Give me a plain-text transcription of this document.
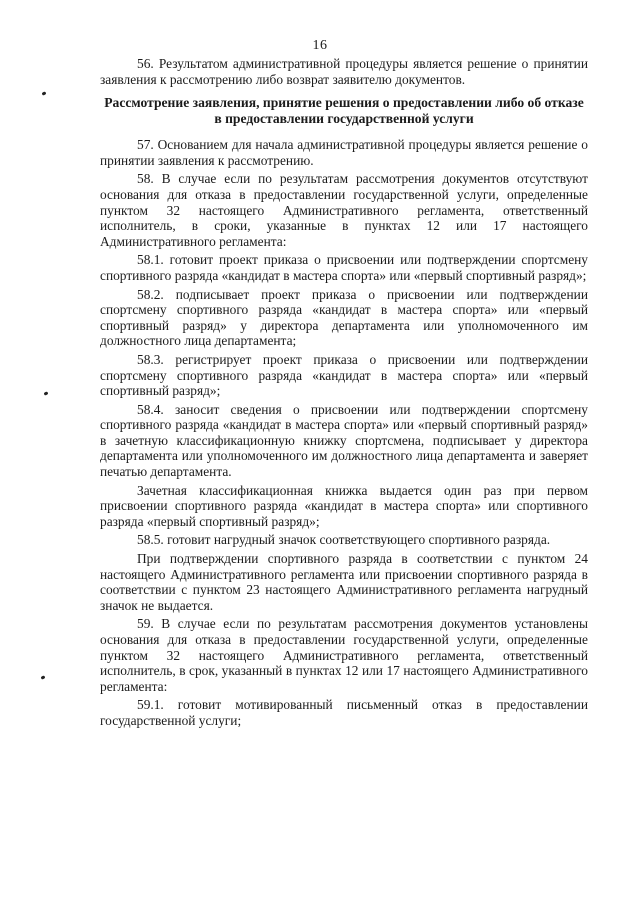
16

56. Результатом административной процедуры является решение о принятии заявления к рассмотрению либо возврат заявителю документов.

Рассмотрение заявления, принятие решения о предоставлении либо об отказе в предоставлении государственной услуги

57. Основанием для начала административной процедуры является решение о принятии заявления к рассмотрению.

58. В случае если по результатам рассмотрения документов отсутствуют основания для отказа в предоставлении государственной услуги, определенные пунктом 32 настоящего Административного регламента, ответственный исполнитель, в сроки, указанные в пунктах 12 или 17 настоящего Административного регламента:

58.1. готовит проект приказа о присвоении или подтверждении спортсмену спортивного разряда «кандидат в мастера спорта» или «первый спортивный разряд»;

58.2. подписывает проект приказа о присвоении или подтверждении спортсмену спортивного разряда «кандидат в мастера спорта» или «первый спортивный разряд» у директора департамента или уполномоченного им должностного лица департамента;

58.3. регистрирует проект приказа о присвоении или подтверждении спортсмену спортивного разряда «кандидат в мастера спорта» или «первый спортивный разряд»;

58.4. заносит сведения о присвоении или подтверждении спортсмену спортивного разряда «кандидат в мастера спорта» или «первый спортивный разряд» в зачетную классификационную книжку спортсмена, подписывает у директора департамента или уполномоченного им должностного лица департамента и заверяет печатью департамента.

Зачетная классификационная книжка выдается один раз при первом присвоении спортивного разряда «кандидат в мастера спорта» или спортивного разряда «первый спортивный разряд»;

58.5. готовит нагрудный значок соответствующего спортивного разряда.

При подтверждении спортивного разряда в соответствии с пунктом 24 настоящего Административного регламента или присвоении спортивного разряда в соответствии с пунктом 23 настоящего Административного регламента нагрудный значок не выдается.

59. В случае если по результатам рассмотрения документов установлены основания для отказа в предоставлении государственной услуги, определенные пунктом 32 настоящего Административного регламента, ответственный исполнитель, в срок, указанный в пунктах 12 или 17 настоящего Административного регламента:

59.1. готовит мотивированный письменный отказ в предоставлении государственной услуги;
